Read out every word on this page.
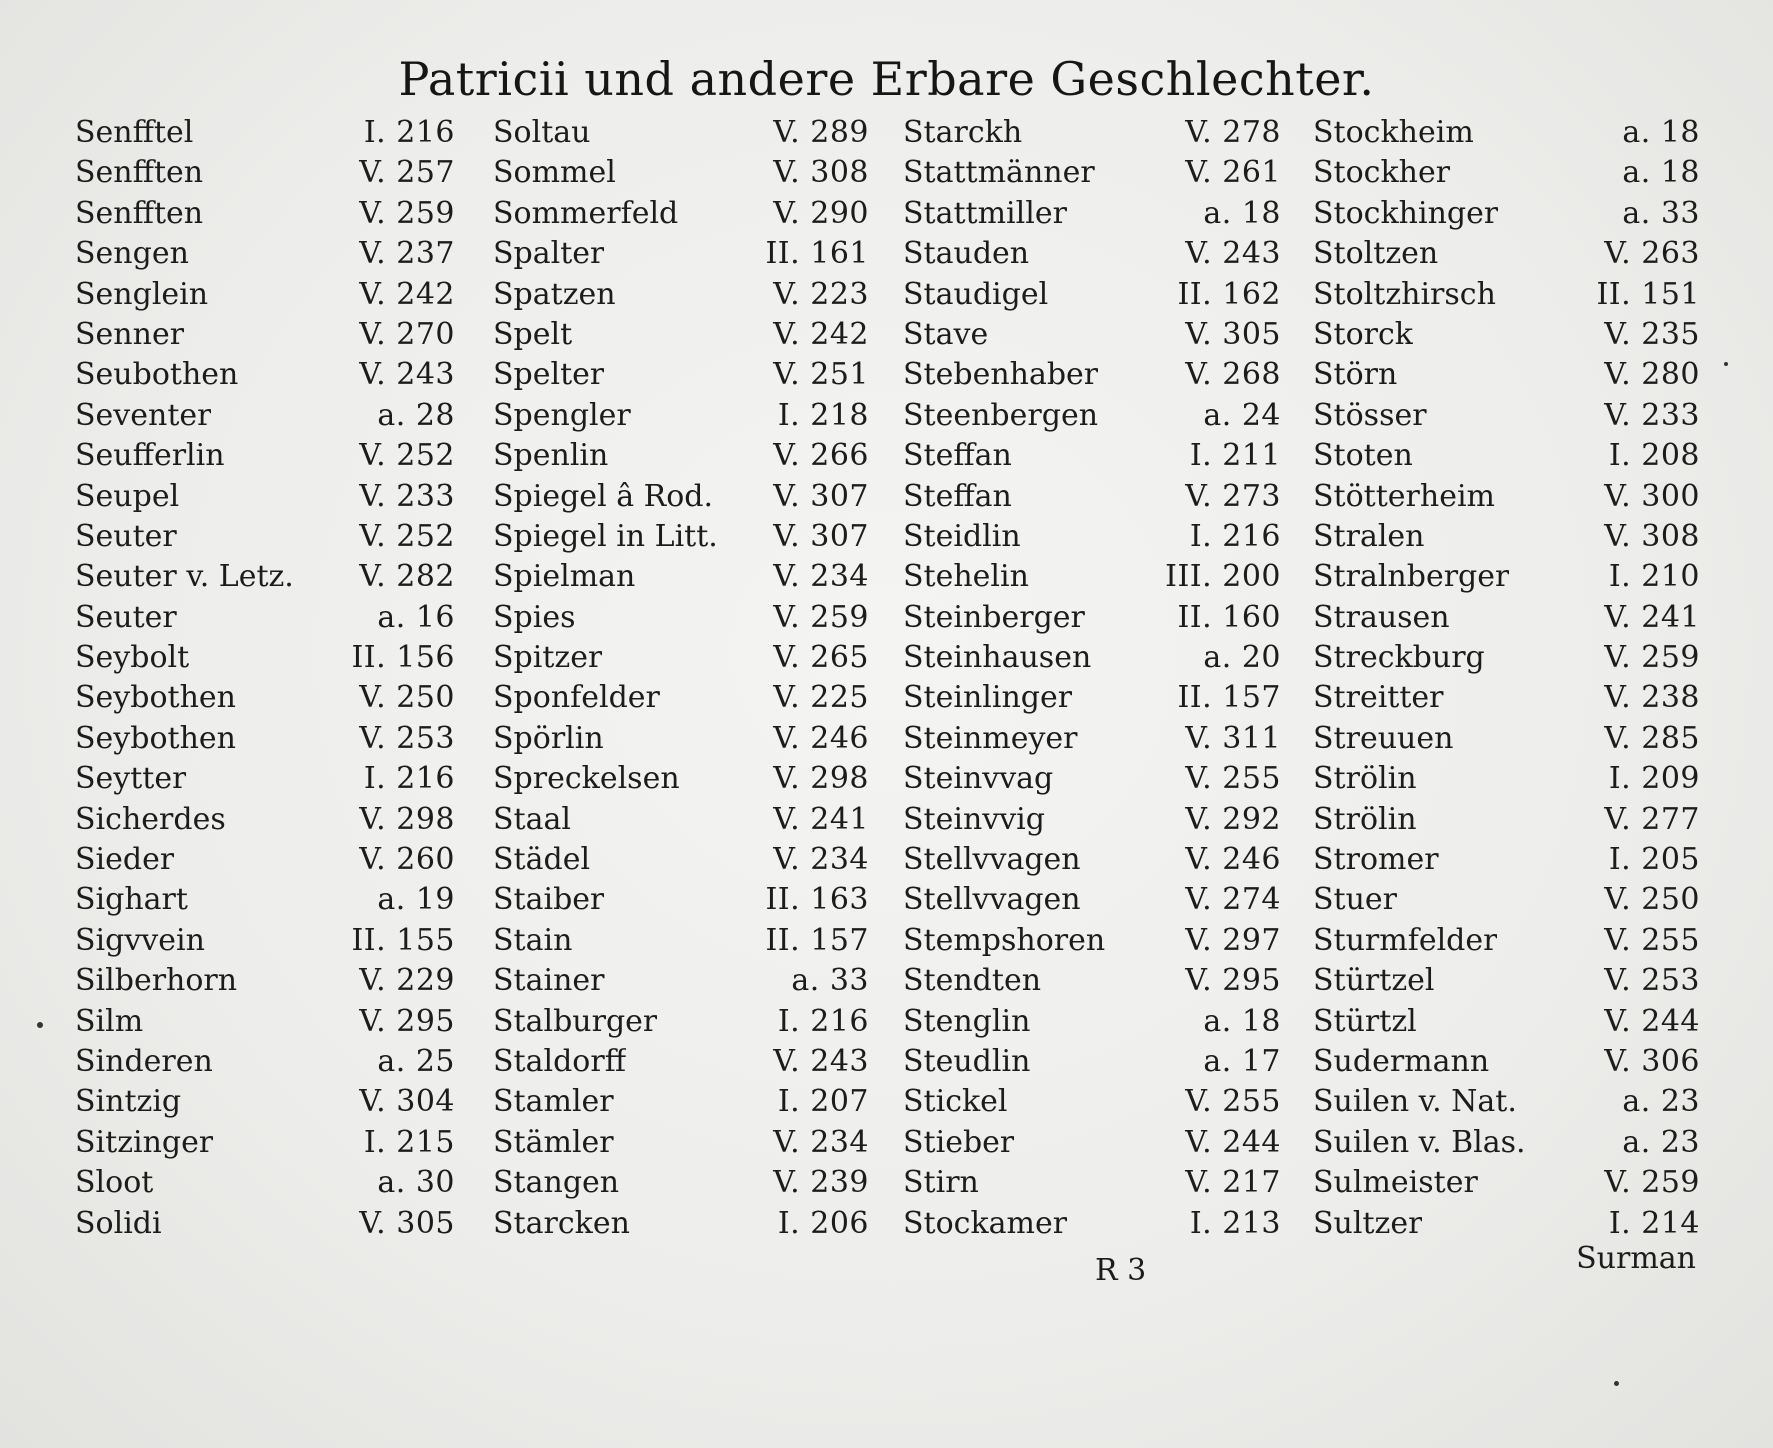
Patricii und andere Erbare Geschlechter.
Senfftel	I. 216
Senfften	V. 257
Senfften	V. 259
Sengen	V. 237
Senglein	V. 242
Senner	V. 270
Seubothen	V. 243
Seventer	a. 28
Seufferlin	V. 252
Seupel	V. 233
Seuter	V. 252
Seuter v. Letz. V. 282
Seuter	a. 16
Seybolt	II. 156
Seybothen	V. 250
Seybothen	V. 253
Seytter	I. 216
Sicherdes	V. 298
Sieder	V. 260
Sighart	a. 19
Sigvvein	II. 155
Silberhorn	V. 229
Silm	V. 295
Sinderen	a. 25
Sintzig	V. 304
Sitzinger	I. 215
Sloot	a. 30
Solidi	V. 305
Soltau	V. 289
Sommel	V. 308
Sommerfeld	V. 290
Spalter	II. 161
Spatzen	V. 223
Spelt	V. 242
Spelter	V. 251
Spengler	I. 218
Spenlin	V. 266
Spiegel â Rod. V. 307
Spiegel in Litt. V. 307
Spielman	V. 234
Spies	V. 259
Spitzer	V. 265
Sponfelder	V. 225
Spörlin	V. 246
Spreckelsen	V. 298
Staal	V. 241
Städel	V. 234
Staiber	II. 163
Stain	II. 157
Stainer	a. 33
Stalburger	I. 216
Staldorff	V. 243
Stamler	I. 207
Stämler	V. 234
Stangen	V. 239
Starcken	I. 206
Starckh	V. 278
Stattmänner	V. 261
Stattmiller	a. 18
Stauden	V. 243
Staudigel	II. 162
Stave	V. 305
Stebenhaber	V. 268
Steenbergen	a. 24
Steffan	I. 211
Steffan	V. 273
Steidlin	I. 216
Stehelin	III. 200
Steinberger	II. 160
Steinhausen	a. 20
Steinlinger	II. 157
Steinmeyer	V. 311
Steinvvag	V. 255
Steinvvig	V. 292
Stellvvagen	V. 246
Stellvvagen	V. 274
Stempshoren	V. 297
Stendten	V. 295
Stenglin	a. 18
Steudlin	a. 17
Stickel	V. 255
Stieber	V. 244
Stirn	V. 217
Stockamer	I. 213
Stockheim	a. 18
Stockher	a. 18
Stockhinger	a. 33
Stoltzen	V. 263
Stoltzhirsch	II. 151
Storck	V. 235
Störn	V. 280
Stösser	V. 233
Stoten	I. 208
Stötterheim	V. 300
Stralen	V. 308
Stralnberger	I. 210
Strausen	V. 241
Streckburg	V. 259
Streitter	V. 238
Streuuen	V. 285
Strölin	I. 209
Strölin	V. 277
Stromer	I. 205
Stuer	V. 250
Sturmfelder	V. 255
Stürtzel	V. 253
Stürtzl	V. 244
Sudermann	V. 306
Suilen v. Nat.	a. 23
Suilen v. Blas.	a. 23
Sulmeister	V. 259
Sultzer	I. 214
R 3	Surman
